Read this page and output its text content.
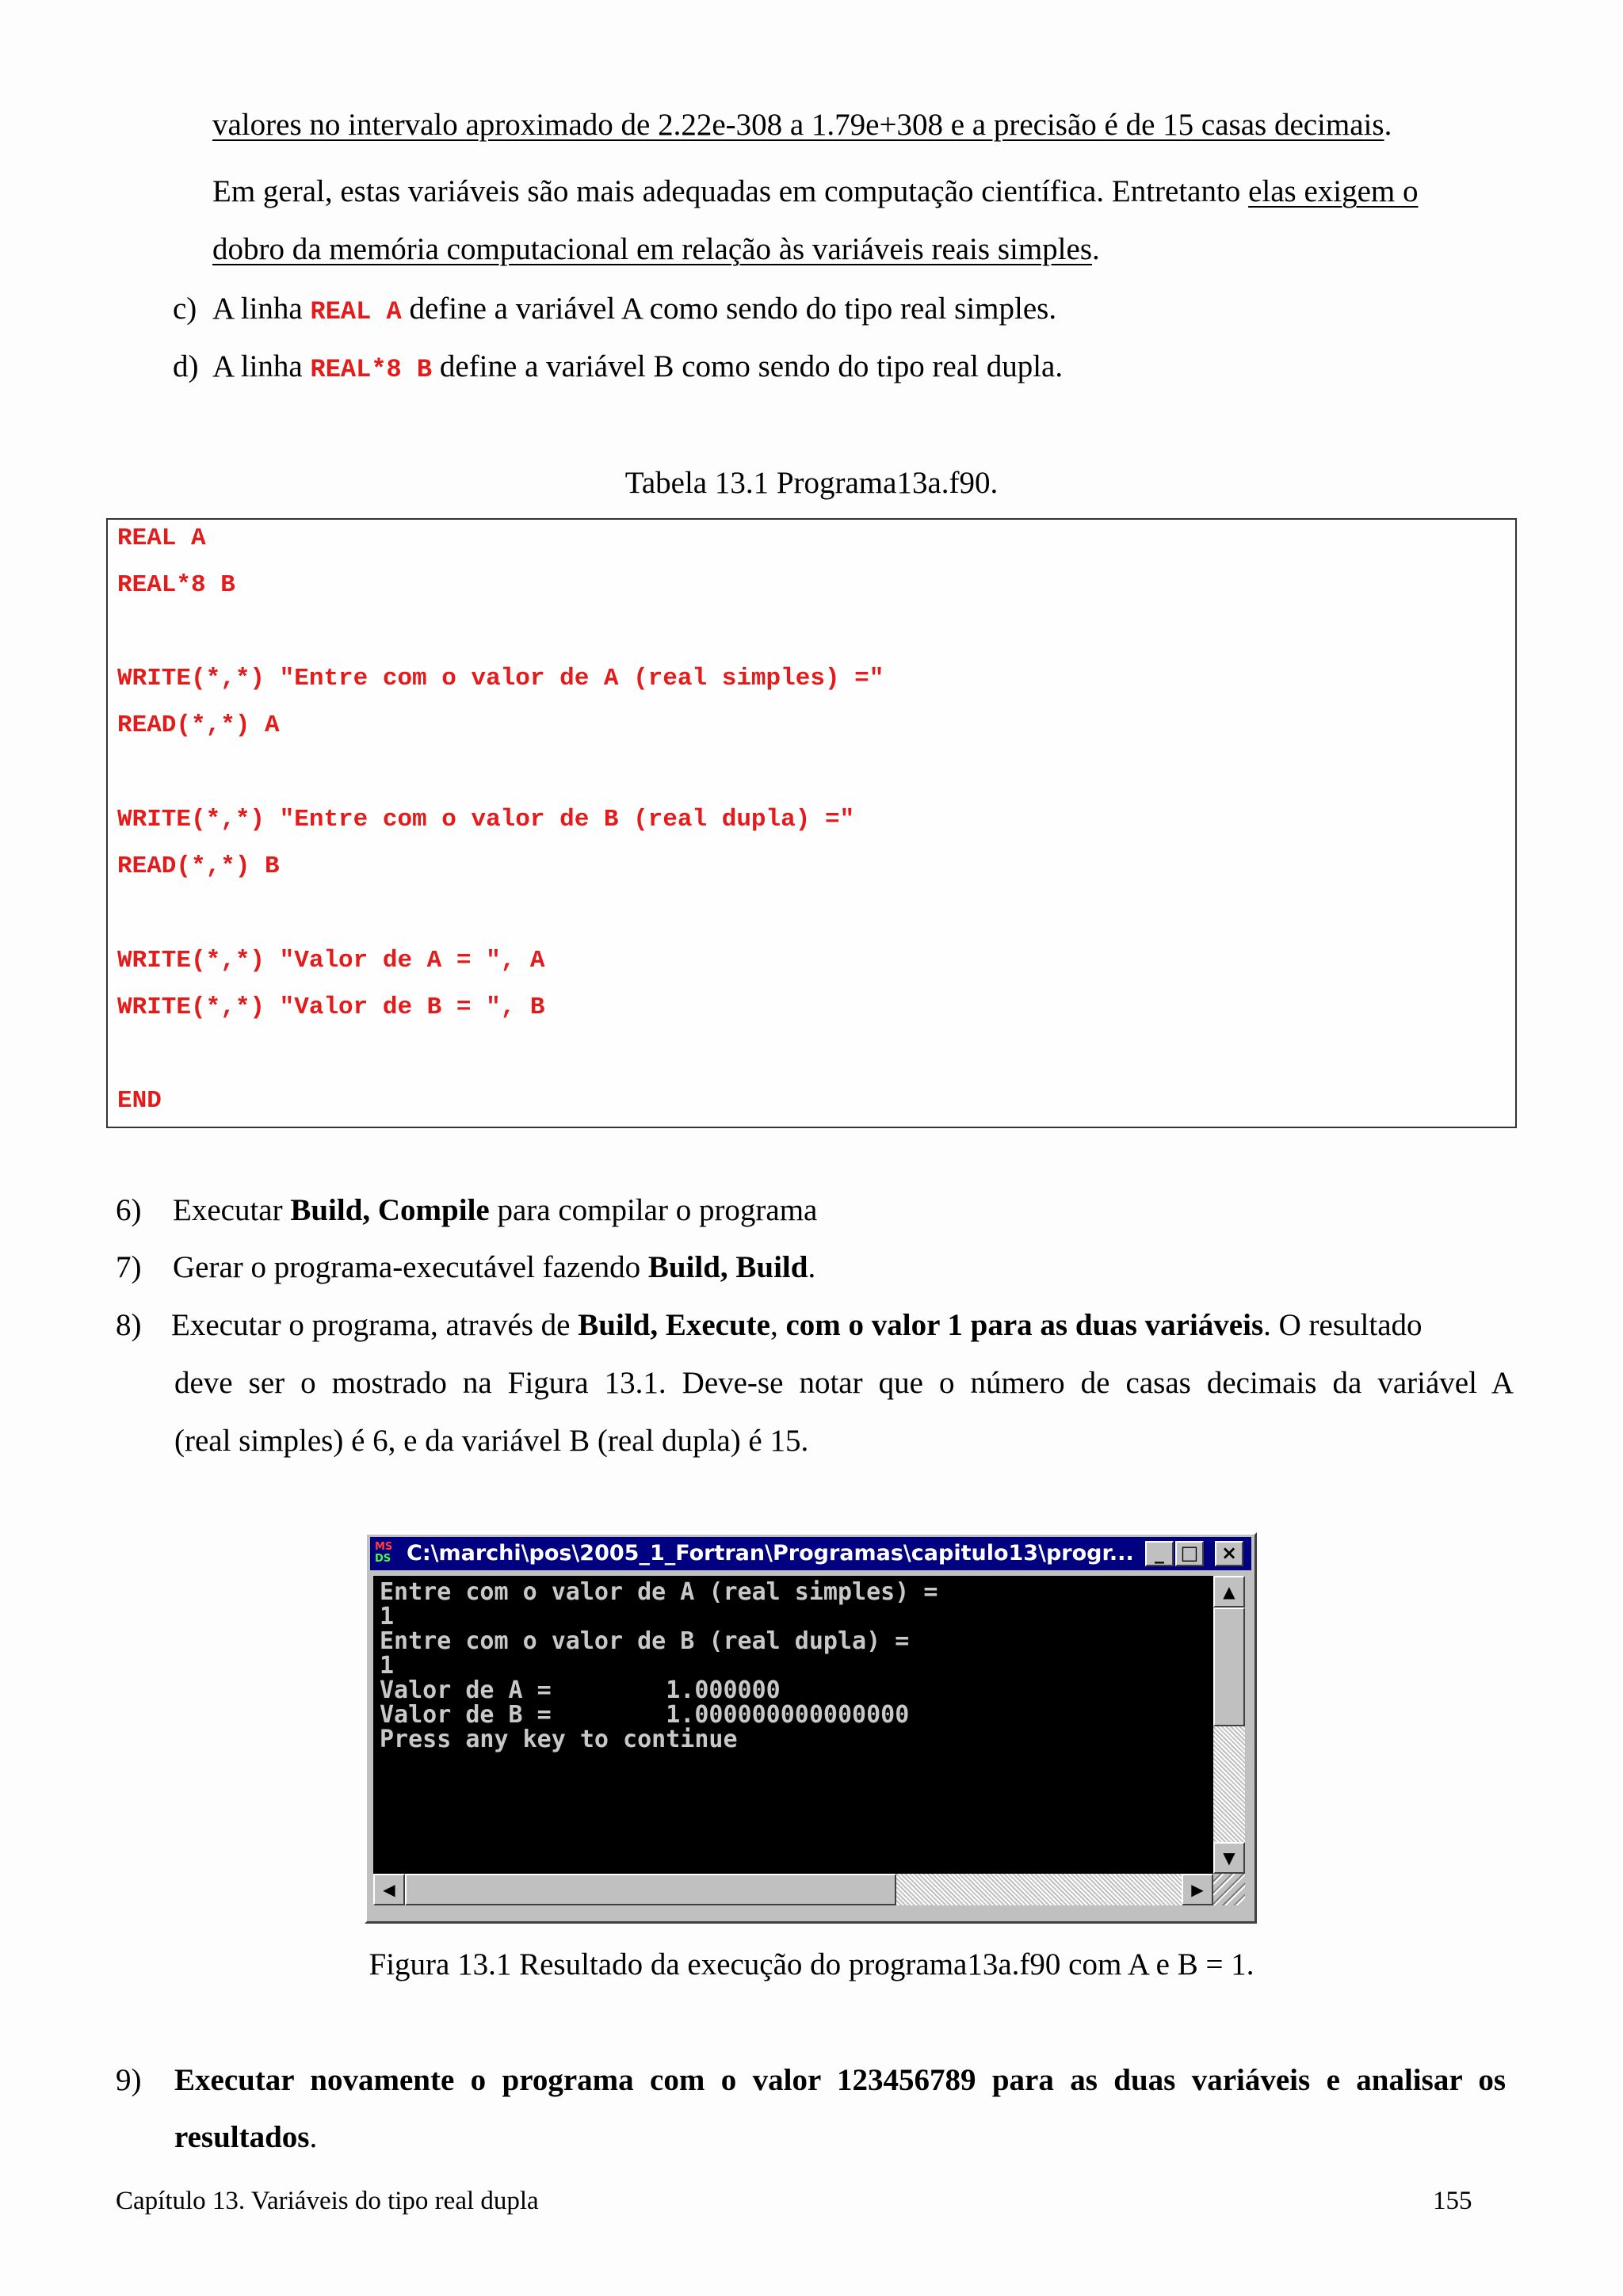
valores no intervalo aproximado de 2.22e-308 a 1.79e+308 e a precisão é de 15 casas decimais.
Em geral, estas variáveis são mais adequadas em computação científica. Entretanto elas exigem o
dobro da memória computacional em relação às variáveis reais simples.
c) A linha REAL A define a variável A como sendo do tipo real simples.
d) A linha REAL*8 B define a variável B como sendo do tipo real dupla.
Tabela 13.1 Programa13a.f90.
REAL A
REAL*8 B
WRITE(*,*) "Entre com o valor de A (real simples) ="
READ(*,*) A
WRITE(*,*) "Entre com o valor de B (real dupla) ="
READ(*,*) B
WRITE(*,*) "Valor de A = ", A
WRITE(*,*) "Valor de B = ", B
END
6) Executar Build, Compile para compilar o programa
7) Gerar o programa-executável fazendo Build, Build.
8) Executar o programa, através de Build, Execute, com o valor 1 para as duas variáveis. O resultado
deve ser o mostrado na Figura 13.1. Deve-se notar que o número de casas decimais da variável A
(real simples) é 6, e da variável B (real dupla) é 15.
MS
DS C:\marchi\pos\2005_1_Fortran\Programas\capitulo13\progr...	_ □	×
Entre com o valor de A (real simples) =
1
Entre com o valor de B (real dupla) =
1
Valor de A =        1.000000
Valor de B =        1.000000000000000
Press any key to continue
▲
▼
◀	▶
Figura 13.1 Resultado da execução do programa13a.f90 com A e B = 1.
9) Executar novamente o programa com o valor 123456789 para as duas variáveis e analisar os
resultados.
Capítulo 13. Variáveis do tipo real dupla	155
